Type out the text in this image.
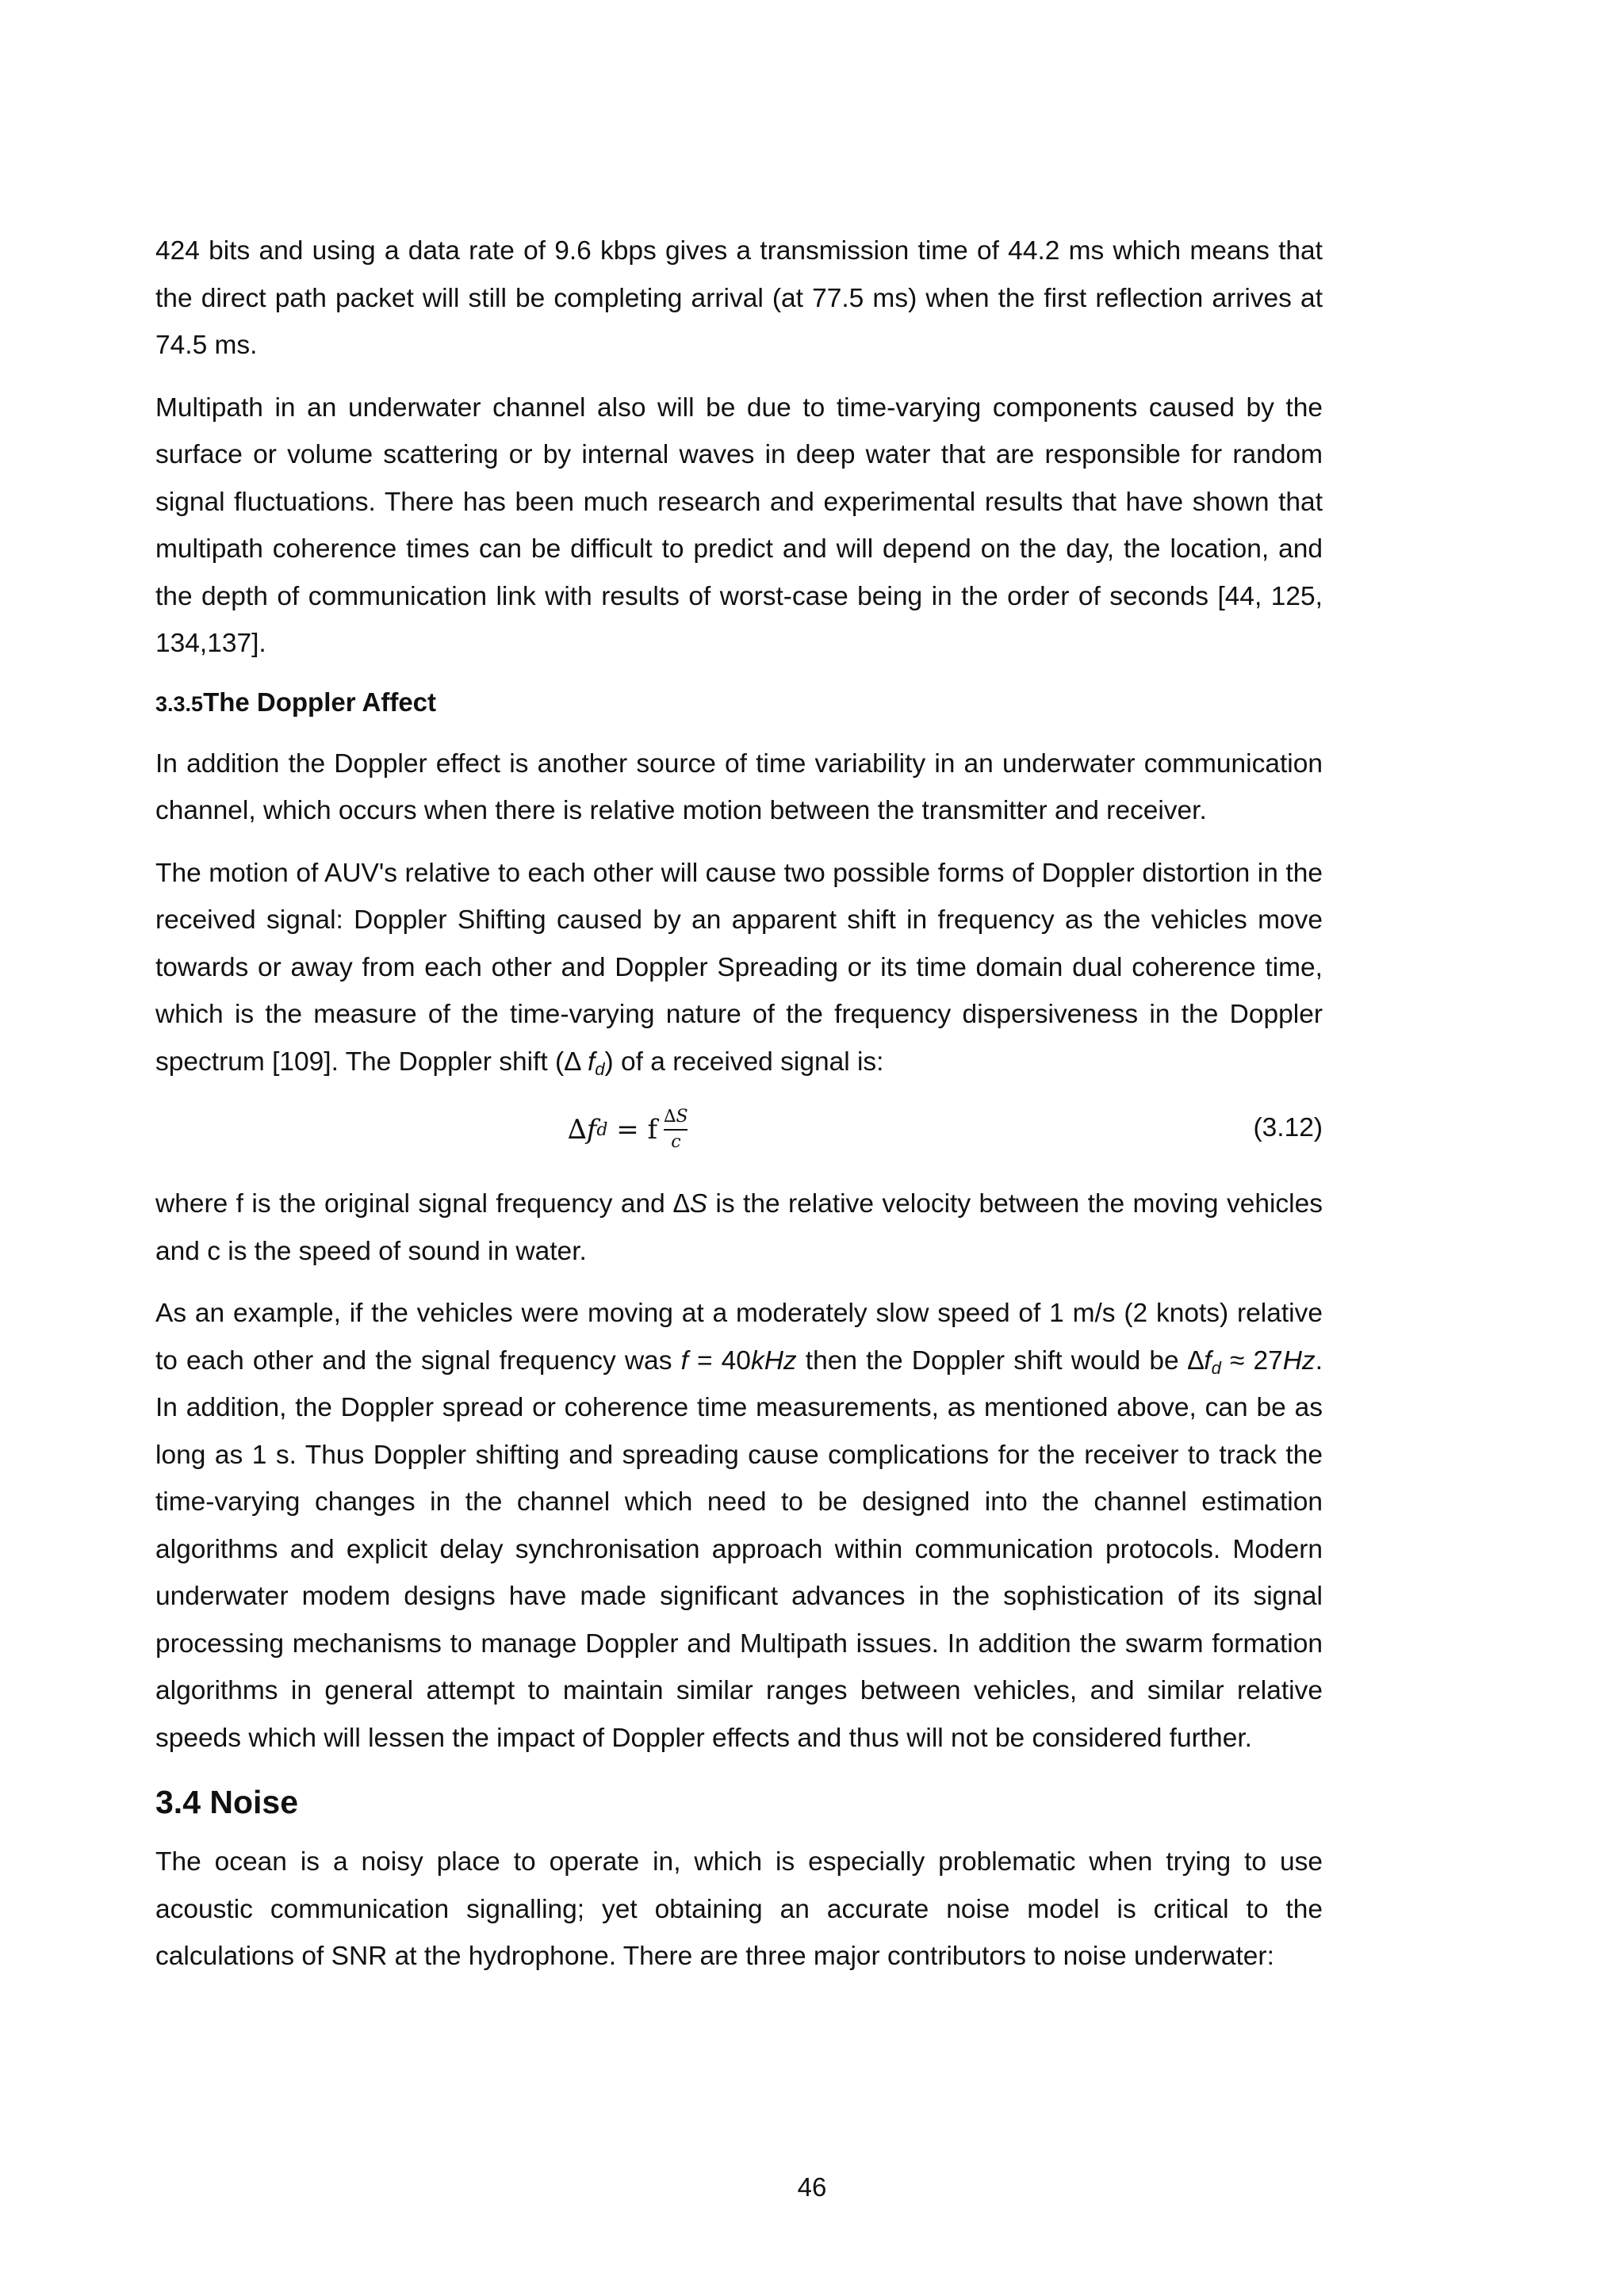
424 bits and using a data rate of 9.6 kbps gives a transmission time of 44.2 ms which means that the direct path packet will still be completing arrival (at 77.5 ms) when the first reflection arrives at 74.5 ms.

Multipath in an underwater channel also will be due to time-varying components caused by the surface or volume scattering or by internal waves in deep water that are responsible for random signal fluctuations. There has been much research and experimental results that have shown that multipath coherence times can be difficult to predict and will depend on the day, the location, and the depth of communication link with results of worst-case being in the order of seconds [44, 125, 134,137].

3.3.5The Doppler Affect

In addition the Doppler effect is another source of time variability in an underwater communication channel, which occurs when there is relative motion between the transmitter and receiver.

The motion of AUV's relative to each other will cause two possible forms of Doppler distortion in the received signal: Doppler Shifting caused by an apparent shift in frequency as the vehicles move towards or away from each other and Doppler Spreading or its time domain dual coherence time, which is the measure of the time-varying nature of the frequency dispersiveness in the Doppler spectrum [109]. The Doppler shift (Δ $f_d$) of a received signal is:

∆ f d
= f $\frac{\Delta S}{c}$	(3.12)

where f is the original signal frequency and ∆S is the relative velocity between the moving vehicles and c is the speed of sound in water.

As an example, if the vehicles were moving at a moderately slow speed of 1 m/s (2 knots) relative to each other and the signal frequency was f = 40kHz then the Doppler shift would be $\Delta f_d \approx 27Hz$. In addition, the Doppler spread or coherence time measurements, as mentioned above, can be as long as 1 s. Thus Doppler shifting and spreading cause complications for the receiver to track the time-varying changes in the channel which need to be designed into the channel estimation algorithms and explicit delay synchronisation approach within communication protocols. Modern underwater modem designs have made significant advances in the sophistication of its signal processing mechanisms to manage Doppler and Multipath issues. In addition the swarm formation algorithms in general attempt to maintain similar ranges between vehicles, and similar relative speeds which will lessen the impact of Doppler effects and thus will not be considered further.

3.4 Noise

The ocean is a noisy place to operate in, which is especially problematic when trying to use acoustic communication signalling; yet obtaining an accurate noise model is critical to the calculations of SNR at the hydrophone. There are three major contributors to noise underwater:

46
